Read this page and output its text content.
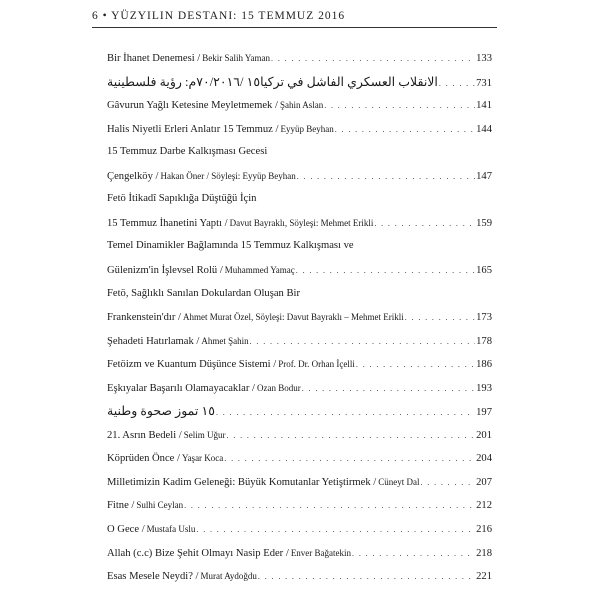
6 • YÜZYILIN DESTANI: 15 TEMMUZ 2016
Bir İhanet Denemesi / Bekir Salih Yaman . . .	133
الانقلاب العسكري الفاشل في تركيا١٥ /٧٠/٢٠١٦م: رؤية فلسطينية . . .	731
Gâvurun Yağlı Ketesine Meyletmemek / Şahin Aslan . . .	141
Halis Niyetli Erleri Anlatır 15 Temmuz / Eyyüp Beyhan . . .	144
15 Temmuz Darbe Kalkışması Gecesi
Çengelköy / Hakan Öner / Söyleşi: Eyyüp Beyhan . . .	147
Fetö İtikadî Sapıklığa Düştüğü İçin
15 Temmuz İhanetini Yaptı / Davut Bayraklı, Söyleşi: Mehmet Erikli . . .	159
Temel Dinamikler Bağlamında 15 Temmuz Kalkışması ve
Gülenizm'in İşlevsel Rolü / Muhammed Yamaç . . .	165
Fetö, Sağlıklı Sanılan Dokulardan Oluşan Bir
Frankenstein'dır / Ahmet Murat Özel, Söyleşi: Davut Bayraklı – Mehmet Erikli . . .	173
Şehadeti Hatırlamak / Ahmet Şahin . . .	178
Fetöizm ve Kuantum Düşünce Sistemi / Prof. Dr. Orhan İçelli . . .	186
Eşkıyalar Başarılı Olamayacaklar / Ozan Bodur . . .	193
١٥ تموز صحوة وطنية . . .	197
21. Asrın Bedeli / Selim Uğur . . .	201
Köprüden Önce / Yaşar Koca . . .	204
Milletimizin Kadim Geleneği: Büyük Komutanlar Yetiştirmek / Cüneyt Dal . . .	207
Fitne / Sulhi Ceylan . . .	212
O Gece / Mustafa Uslu . . .	216
Allah (c.c) Bize Şehit Olmayı Nasip Eder / Enver Bağatekin . . .	218
Esas Mesele Neydi? / Murat Aydoğdu . . .	221
